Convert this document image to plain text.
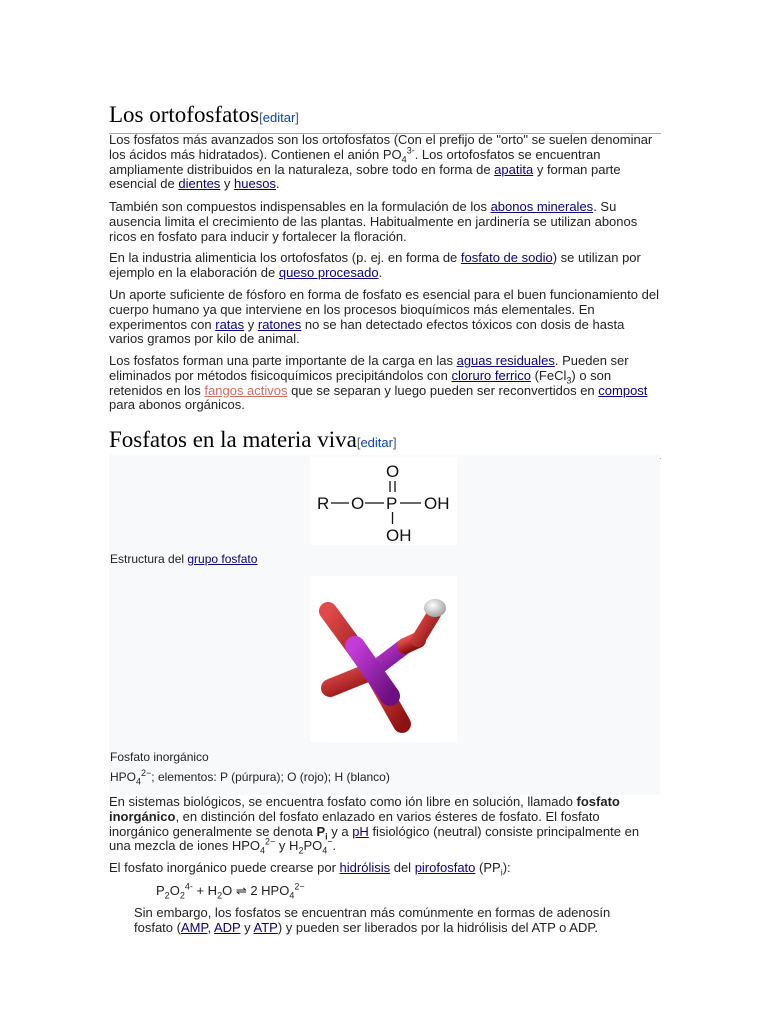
Los ortofosfatos[editar]

Los fosfatos más avanzados son los ortofosfatos (Con el prefijo de "orto" se suelen denominar los ácidos más hidratados). Contienen el anión $PO_4^{3-}$. Los ortofosfatos se encuentran ampliamente distribuidos en la naturaleza, sobre todo en forma de apatita y forman parte esencial de dientes y huesos.

También son compuestos indispensables en la formulación de los abonos minerales. Su ausencia limita el crecimiento de las plantas. Habitualmente en jardinería se utilizan abonos ricos en fosfato para inducir y fortalecer la floración.

En la industria alimenticia los ortofosfatos (p. ej. en forma de fosfato de sodio) se utilizan por ejemplo en la elaboración de queso procesado.

Un aporte suficiente de fósforo en forma de fosfato es esencial para el buen funcionamiento del cuerpo humano ya que interviene en los procesos bioquímicos más elementales. En experimentos con ratas y ratones no se han detectado efectos tóxicos con dosis de hasta varios gramos por kilo de animal.

Los fosfatos forman una parte importante de la carga en las aguas residuales. Pueden ser eliminados por métodos fisicoquímicos precipitándolos con cloruro ferrico (FeCl$_3$) o son retenidos en los fangos activos que se separan y luego pueden ser reconvertidos en compost para abonos orgánicos.

Fosfatos en la materia viva[editar]
O
R O P OH
OH
Estructura del grupo fosfato
Fosfato inorgánico
$HPO_4^{2-}$; elementos: P (púrpura); O (rojo); H (blanco)

En sistemas biológicos, se encuentra fosfato como ión libre en solución, llamado fosfato inorgánico, en distinción del fosfato enlazado en varios ésteres de fosfato. El fosfato inorgánico generalmente se denota $P_i$ y a pH fisiológico (neutral) consiste principalmente en una mezcla de iones $HPO_4^{2-}$ y $H_2PO_4^-$.

El fosfato inorgánico puede crearse por hidrólisis del pirofosfato $(PP_i)$:

$P_2O_2^{4-} + H_2O$ ⇌ 2 $HPO_4^{2-}$

Sin embargo, los fosfatos se encuentran más comúnmente en formas de adenosín fosfato (AMP, ADP y ATP) y pueden ser liberados por la hidrólisis del ATP o ADP.
